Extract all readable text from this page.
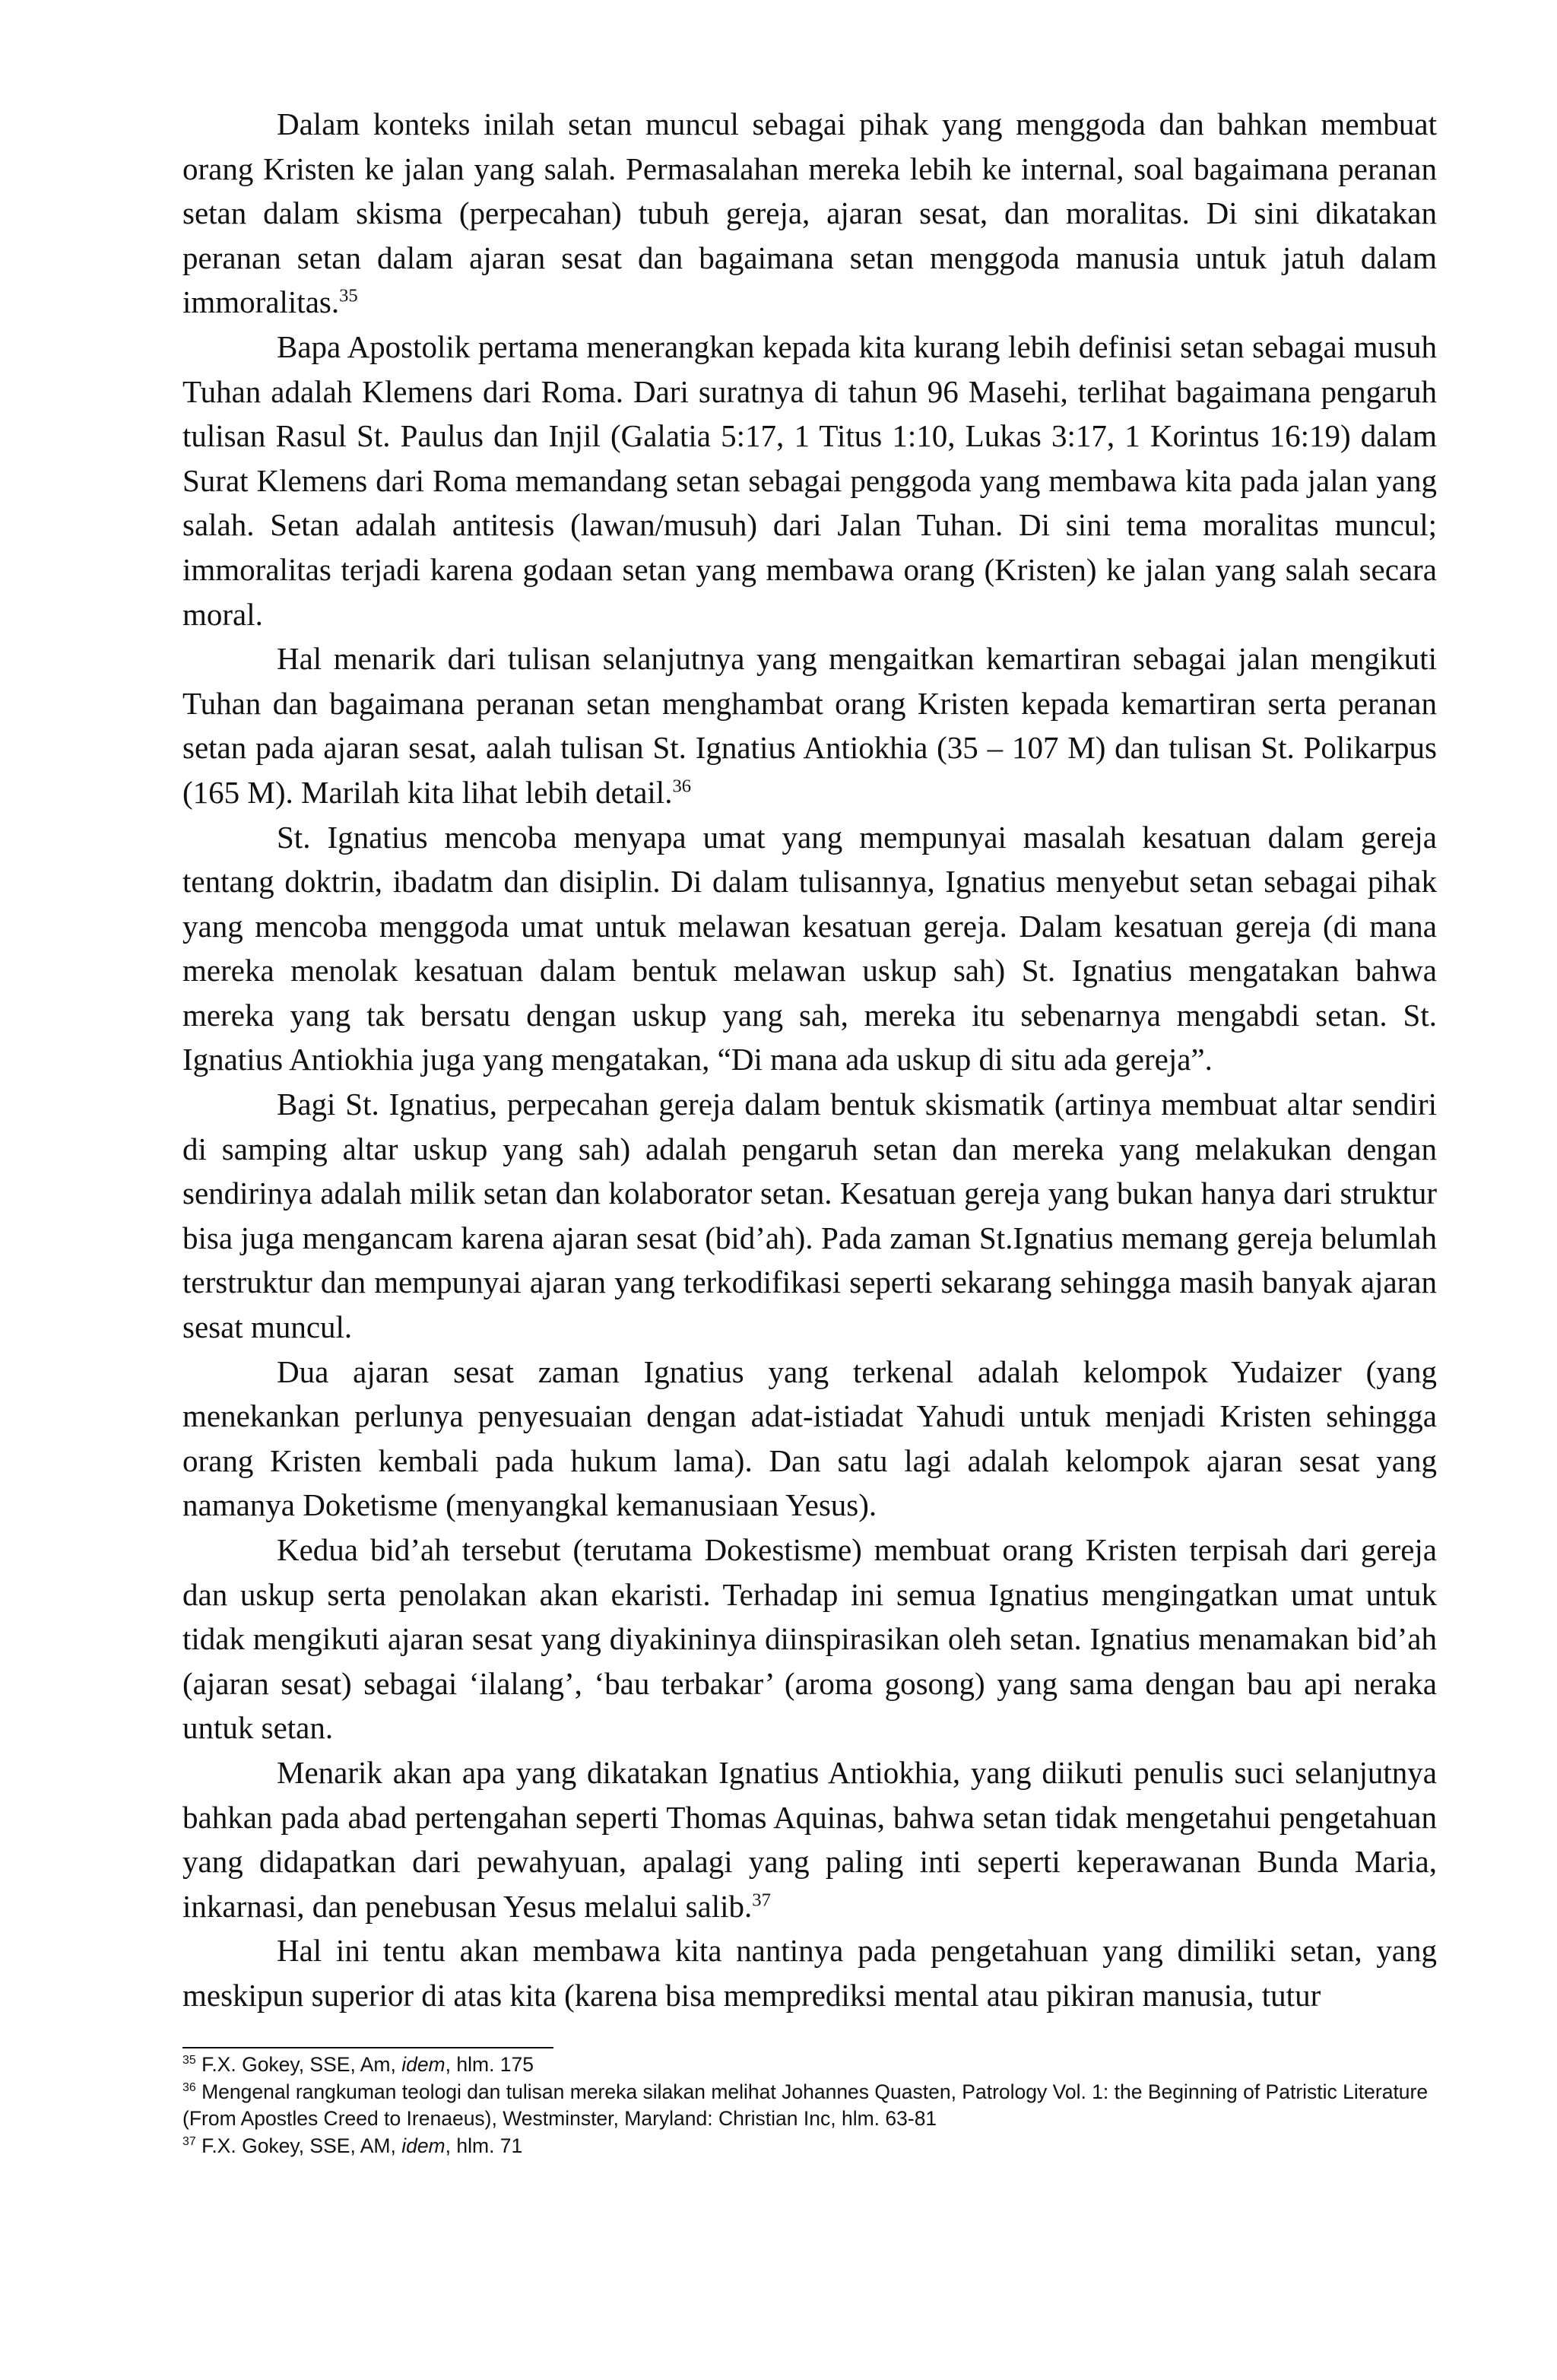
Dalam konteks inilah setan muncul sebagai pihak yang menggoda dan bahkan membuat orang Kristen ke jalan yang salah. Permasalahan mereka lebih ke internal, soal bagaimana peranan setan dalam skisma (perpecahan) tubuh gereja, ajaran sesat, dan moralitas. Di sini dikatakan peranan setan dalam ajaran sesat dan bagaimana setan menggoda manusia untuk jatuh dalam immoralitas.$^{35}$

Bapa Apostolik pertama menerangkan kepada kita kurang lebih definisi setan sebagai musuh Tuhan adalah Klemens dari Roma. Dari suratnya di tahun 96 Masehi, terlihat bagaimana pengaruh tulisan Rasul St. Paulus dan Injil (Galatia 5:17, 1 Titus 1:10, Lukas 3:17, 1 Korintus 16:19) dalam Surat Klemens dari Roma memandang setan sebagai penggoda yang membawa kita pada jalan yang salah. Setan adalah antitesis (lawan/musuh) dari Jalan Tuhan. Di sini tema moralitas muncul; immoralitas terjadi karena godaan setan yang membawa orang (Kristen) ke jalan yang salah secara moral.

Hal menarik dari tulisan selanjutnya yang mengaitkan kemartiran sebagai jalan mengikuti Tuhan dan bagaimana peranan setan menghambat orang Kristen kepada kemartiran serta peranan setan pada ajaran sesat, aalah tulisan St. Ignatius Antiokhia (35 – 107 M) dan tulisan St. Polikarpus (165 M). Marilah kita lihat lebih detail.$^{36}$

St. Ignatius mencoba menyapa umat yang mempunyai masalah kesatuan dalam gereja tentang doktrin, ibadatm dan disiplin. Di dalam tulisannya, Ignatius menyebut setan sebagai pihak yang mencoba menggoda umat untuk melawan kesatuan gereja. Dalam kesatuan gereja (di mana mereka menolak kesatuan dalam bentuk melawan uskup sah) St. Ignatius mengatakan bahwa mereka yang tak bersatu dengan uskup yang sah, mereka itu sebenarnya mengabdi setan. St. Ignatius Antiokhia juga yang mengatakan, “Di mana ada uskup di situ ada gereja”.

Bagi St. Ignatius, perpecahan gereja dalam bentuk skismatik (artinya membuat altar sendiri di samping altar uskup yang sah) adalah pengaruh setan dan mereka yang melakukan dengan sendirinya adalah milik setan dan kolaborator setan. Kesatuan gereja yang bukan hanya dari struktur bisa juga mengancam karena ajaran sesat (bid’ah). Pada zaman St.Ignatius memang gereja belumlah terstruktur dan mempunyai ajaran yang terkodifikasi seperti sekarang sehingga masih banyak ajaran sesat muncul.

Dua ajaran sesat zaman Ignatius yang terkenal adalah kelompok Yudaizer (yang menekankan perlunya penyesuaian dengan adat-istiadat Yahudi untuk menjadi Kristen sehingga orang Kristen kembali pada hukum lama). Dan satu lagi adalah kelompok ajaran sesat yang namanya Doketisme (menyangkal kemanusiaan Yesus).

Kedua bid’ah tersebut (terutama Dokestisme) membuat orang Kristen terpisah dari gereja dan uskup serta penolakan akan ekaristi. Terhadap ini semua Ignatius mengingatkan umat untuk tidak mengikuti ajaran sesat yang diyakininya diinspirasikan oleh setan. Ignatius menamakan bid’ah (ajaran sesat) sebagai ‘ilalang’, ‘bau terbakar’ (aroma gosong) yang sama dengan bau api neraka untuk setan.

Menarik akan apa yang dikatakan Ignatius Antiokhia, yang diikuti penulis suci selanjutnya bahkan pada abad pertengahan seperti Thomas Aquinas, bahwa setan tidak mengetahui pengetahuan yang didapatkan dari pewahyuan, apalagi yang paling inti seperti keperawanan Bunda Maria, inkarnasi, dan penebusan Yesus melalui salib.$^{37}$

Hal ini tentu akan membawa kita nantinya pada pengetahuan yang dimiliki setan, yang meskipun superior di atas kita (karena bisa memprediksi mental atau pikiran manusia, tutur

$^{35}$ F.X. Gokey, SSE, Am, idem, hlm. 175

$^{36}$ Mengenal rangkuman teologi dan tulisan mereka silakan melihat Johannes Quasten, Patrology Vol. 1: the Beginning of Patristic Literature (From Apostles Creed to Irenaeus), Westminster, Maryland: Christian Inc, hlm. 63-81

$^{37}$ F.X. Gokey, SSE, AM, idem, hlm. 71
